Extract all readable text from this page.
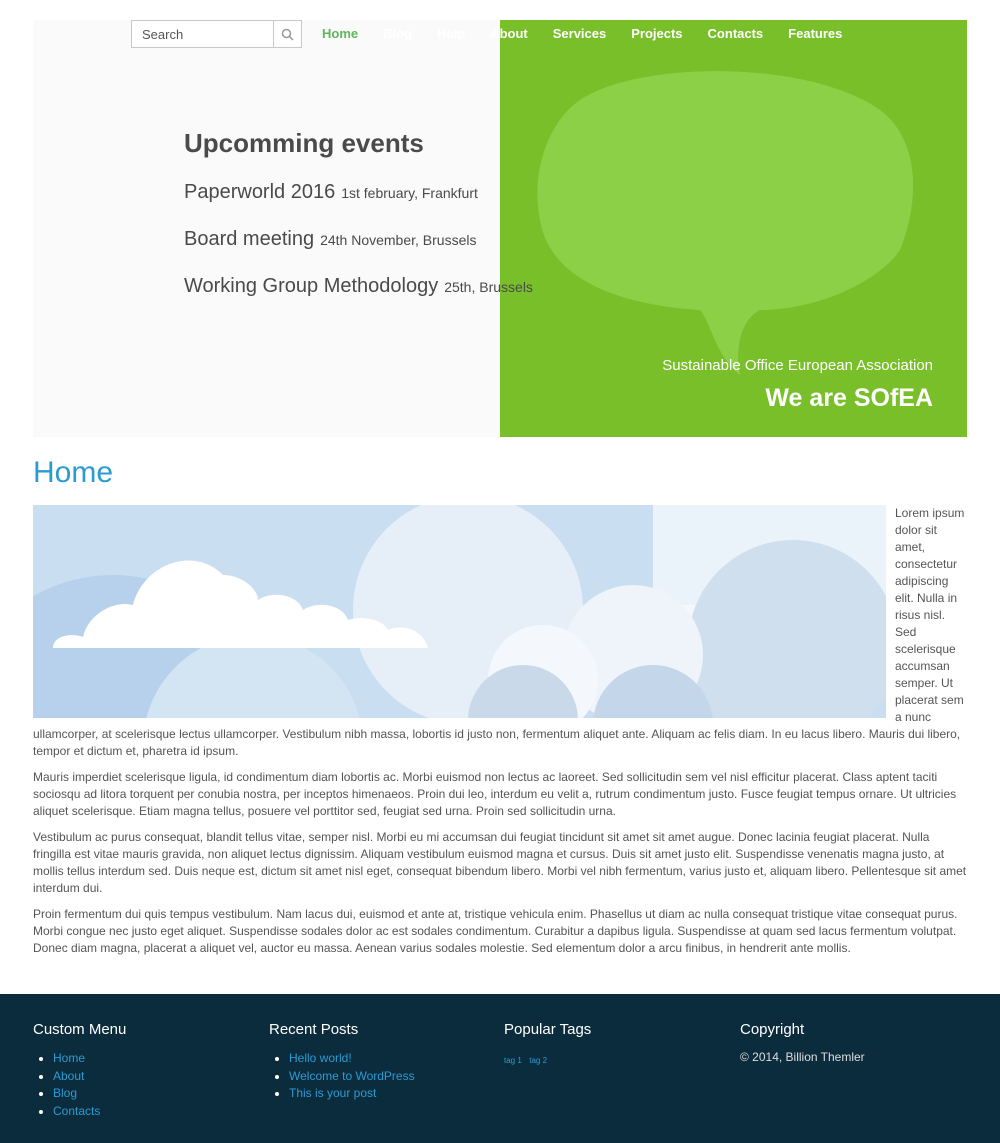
Sustainable Office European Association
We are SOfEA
Upcomming events
Paperworld 2016 1st february, Frankfurt
Board meeting 24th November, Brussels
Working Group Methodology 25th, Brussels
Search
Home Blog Help About Services Projects Contacts Features
Home

Lorem ipsum dolor sit amet, consectetur adipiscing elit. Nulla in risus nisl. Sed scelerisque accumsan semper. Ut placerat sem a nunc ullamcorper, at scelerisque lectus ullamcorper. Vestibulum nibh massa, lobortis id justo non, fermentum aliquet ante. Aliquam ac felis diam. In eu lacus libero. Mauris dui libero, tempor et dictum et, pharetra id ipsum.

Mauris imperdiet scelerisque ligula, id condimentum diam lobortis ac. Morbi euismod non lectus ac laoreet. Sed sollicitudin sem vel nisl efficitur placerat. Class aptent taciti sociosqu ad litora torquent per conubia nostra, per inceptos himenaeos. Proin dui leo, interdum eu velit a, rutrum condimentum justo. Fusce feugiat tempus ornare. Ut ultricies aliquet scelerisque. Etiam magna tellus, posuere vel porttitor sed, feugiat sed urna. Proin sed sollicitudin urna.

Vestibulum ac purus consequat, blandit tellus vitae, semper nisl. Morbi eu mi accumsan dui feugiat tincidunt sit amet sit amet augue. Donec lacinia feugiat placerat. Nulla fringilla est vitae mauris gravida, non aliquet lectus dignissim. Aliquam vestibulum euismod magna et cursus. Duis sit amet justo elit. Suspendisse venenatis magna justo, at mollis tellus interdum sed. Duis neque est, dictum sit amet nisl eget, consequat bibendum libero. Morbi vel nibh fermentum, varius justo et, aliquam libero. Pellentesque sit amet interdum dui.

Proin fermentum dui quis tempus vestibulum. Nam lacus dui, euismod et ante at, tristique vehicula enim. Phasellus ut diam ac nulla consequat tristique vitae consequat purus. Morbi congue nec justo eget aliquet. Suspendisse sodales dolor ac est sodales condimentum. Curabitur a dapibus ligula. Suspendisse at quam sed lacus fermentum volutpat. Donec diam magna, placerat a aliquet vel, auctor eu massa. Aenean varius sodales molestie. Sed elementum dolor a arcu finibus, in hendrerit ante mollis.

Custom Menu
• Home
• About
• Blog
• Contacts
Recent Posts
• Hello world!
• Welcome to WordPress
• This is your post
Popular Tags
tag 1 tag 2
Copyright
© 2014, Billion Themler
